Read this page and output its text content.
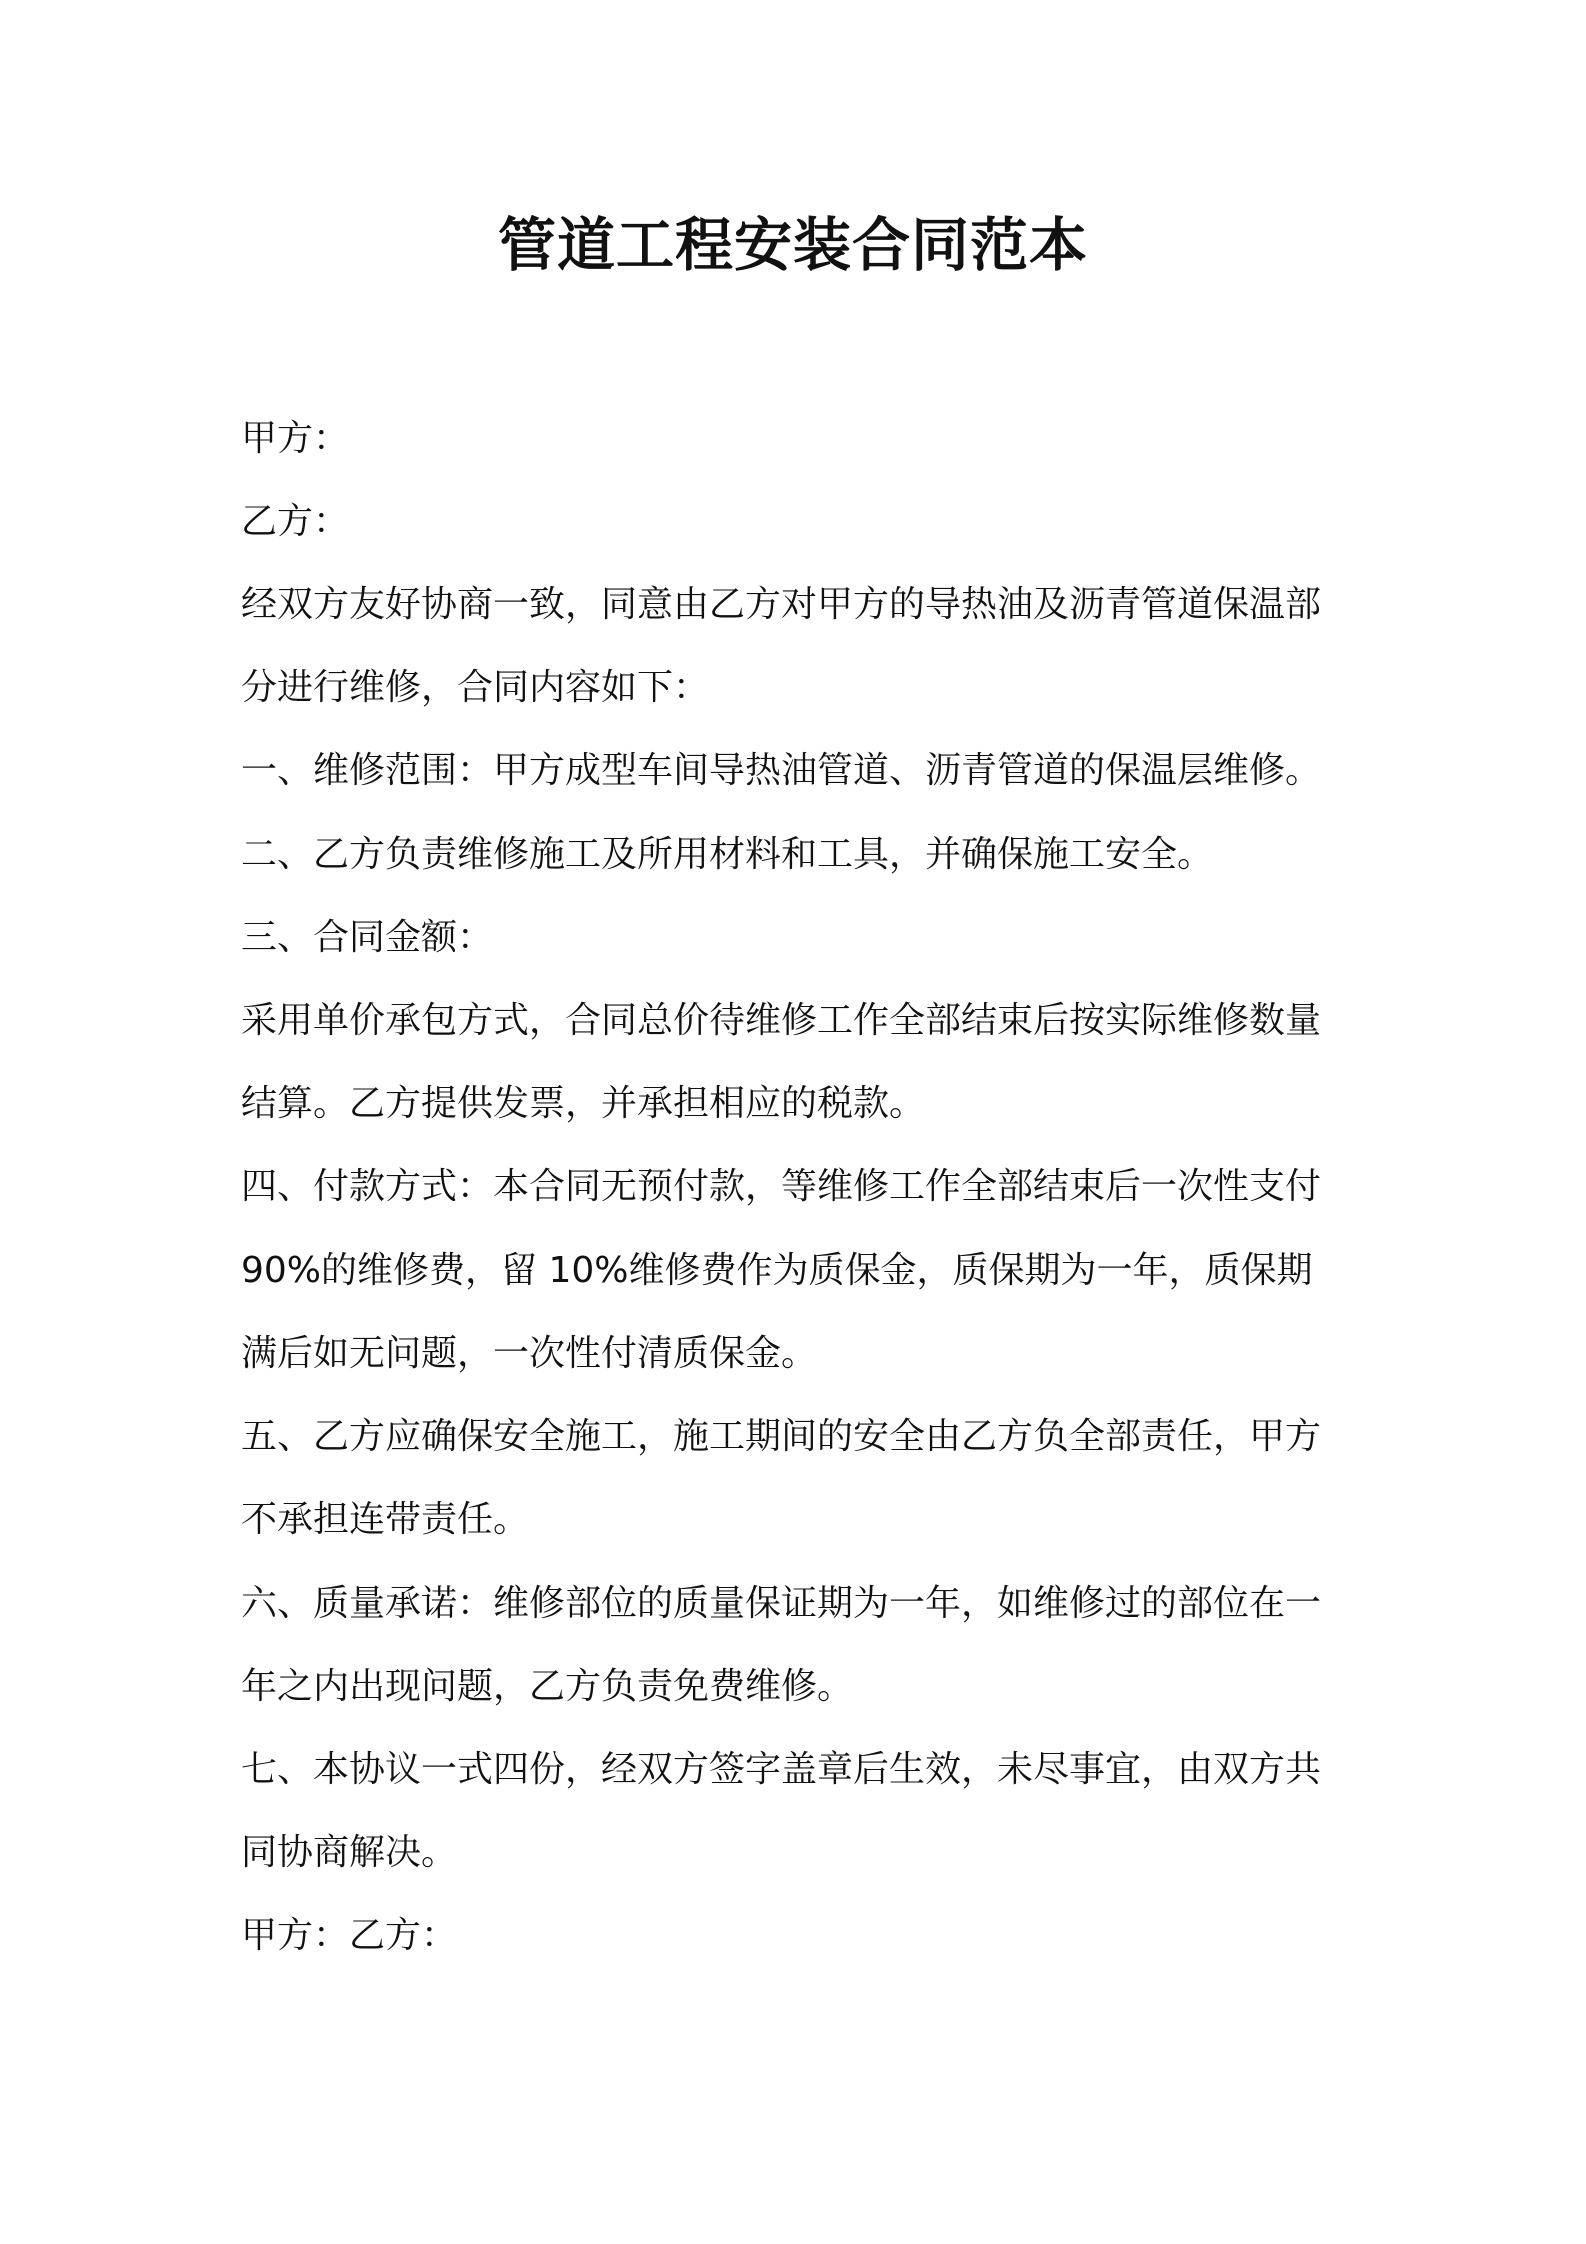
管道工程安装合同范本
甲方：
乙方：
经双方友好协商一致，同意由乙方对甲方的导热油及沥青管道保温部
分进行维修，合同内容如下：
一、维修范围：甲方成型车间导热油管道、沥青管道的保温层维修。
二、乙方负责维修施工及所用材料和工具，并确保施工安全。
三、合同金额：
采用单价承包方式，合同总价待维修工作全部结束后按实际维修数量
结算。乙方提供发票，并承担相应的税款。
四、付款方式：本合同无预付款，等维修工作全部结束后一次性支付
90%的维修费，留 10%维修费作为质保金，质保期为一年，质保期
满后如无问题，一次性付清质保金。
五、乙方应确保安全施工，施工期间的安全由乙方负全部责任，甲方
不承担连带责任。
六、质量承诺：维修部位的质量保证期为一年，如维修过的部位在一
年之内出现问题，乙方负责免费维修。
七、本协议一式四份，经双方签字盖章后生效，未尽事宜，由双方共
同协商解决。
甲方：乙方：
